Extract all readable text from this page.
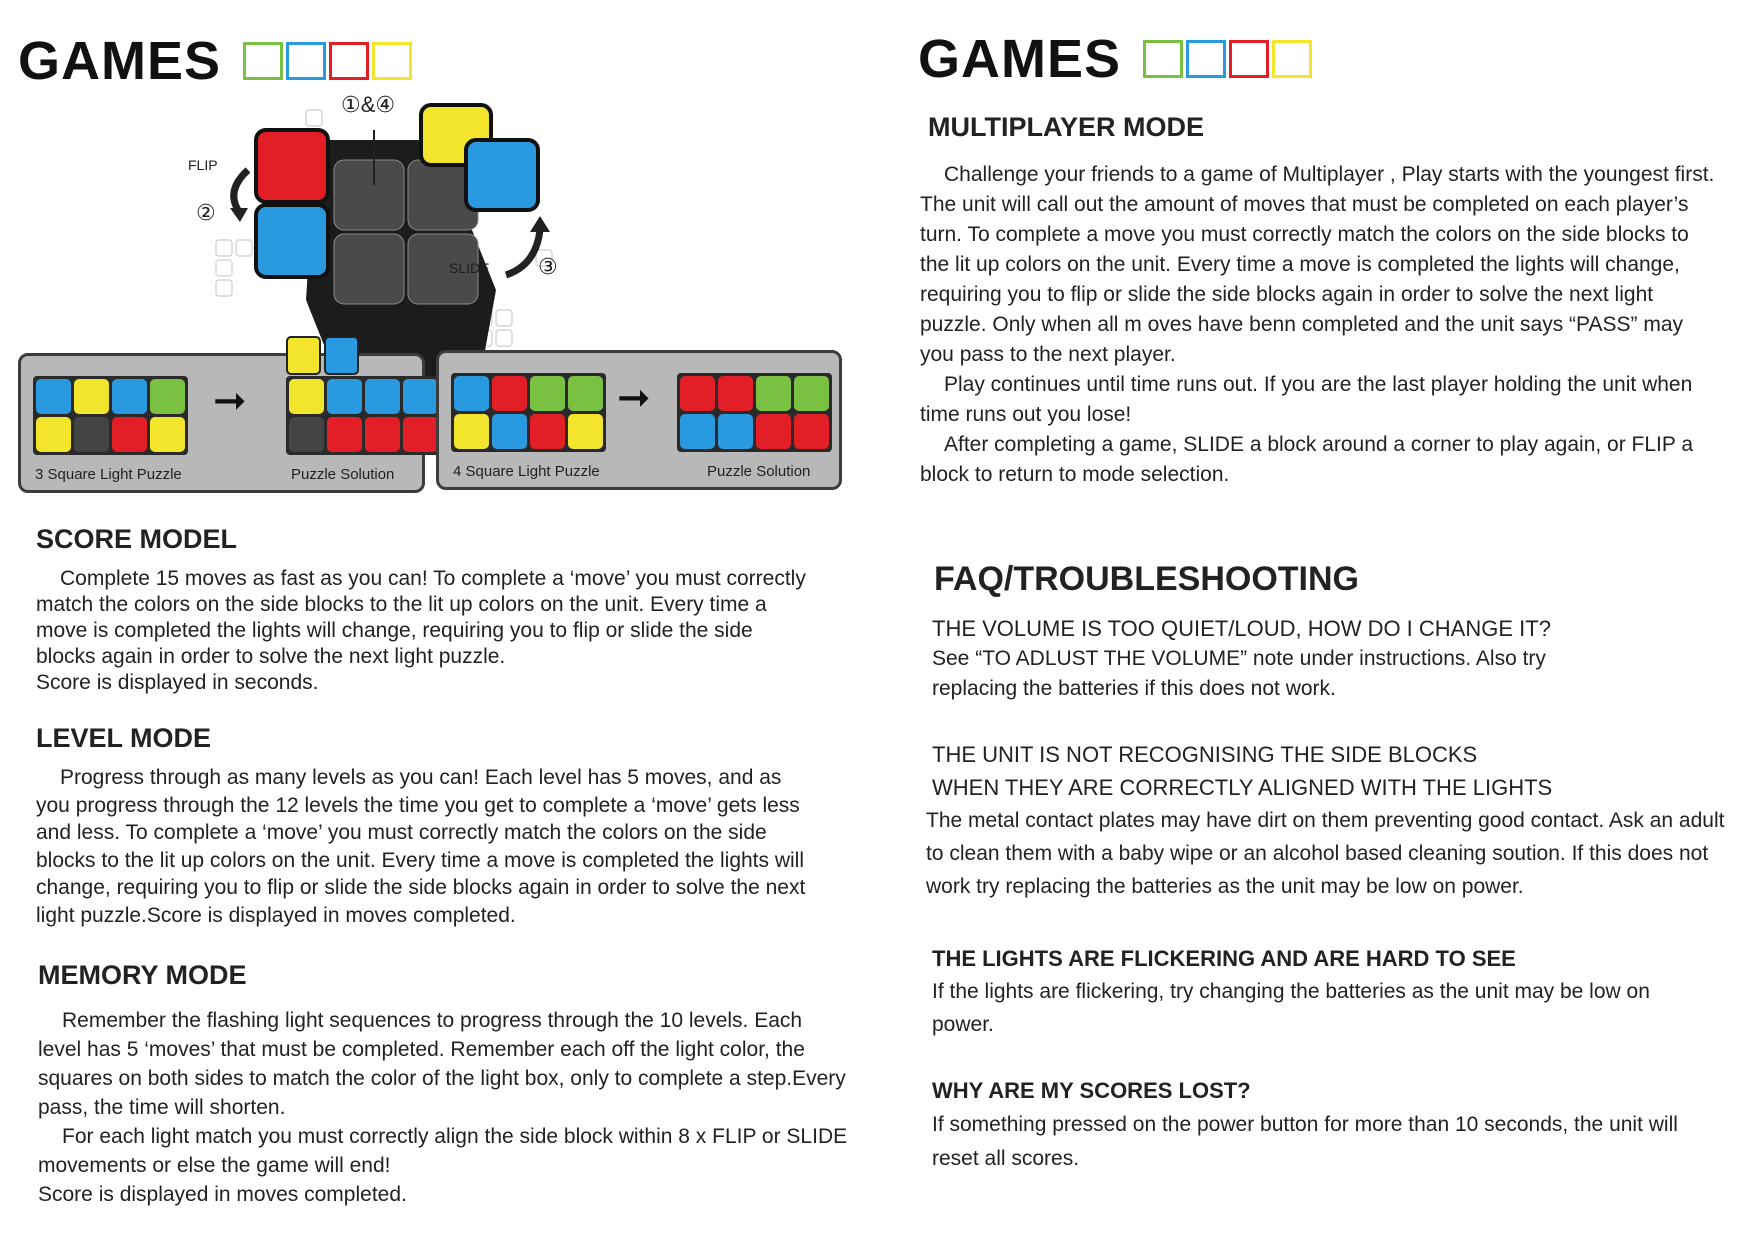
GAMES
①&④
FLIP
②
SLIDE ③
➞
3 Square Light Puzzle	Puzzle Solution
➞
4 Square Light Puzzle	Puzzle Solution
SCORE MODEL

Complete 15 moves as fast as you can! To complete a ‘move’ you must correctly match the colors on the side blocks to the lit up colors on the unit. Every time a move is completed the lights will change, requiring you to flip or slide the side blocks again in order to solve the next light puzzle.

Score is displayed in seconds.

LEVEL MODE

Progress through as many levels as you can! Each level has 5 moves, and as you progress through the 12 levels the time you get to complete a ‘move’ gets less and less. To complete a ‘move’ you must correctly match the colors on the side blocks to the lit up colors on the unit. Every time a move is completed the lights will change, requiring you to flip or slide the side blocks again in order to solve the next light puzzle.Score is displayed in moves completed.

MEMORY MODE

Remember the flashing light sequences to progress through the 10 levels. Each level has 5 ‘moves’ that must be completed. Remember each off the light color, the squares on both sides to match the color of the light box, only to complete a step.Every pass, the time will shorten.

For each light match you must correctly align the side block within 8 x FLIP or SLIDE movements or else the game will end!

Score is displayed in moves completed.

GAMES
MULTIPLAYER MODE

Challenge your friends to a game of Multiplayer , Play starts with the youngest first. The unit will call out the amount of moves that must be completed on each player’s turn. To complete a move you must correctly match the colors on the side blocks to the lit up colors on the unit. Every time a move is completed the lights will change, requiring you to flip or slide the side blocks again in order to solve the next light puzzle. Only when all m oves have benn completed and the unit says “PASS” may you pass to the next player.

Play continues until time runs out. If you are the last player holding the unit when time runs out you lose!

After completing a game, SLIDE a block around a corner to play again, or FLIP a block to return to mode selection.

FAQ/TROUBLESHOOTING

THE VOLUME IS TOO QUIET/LOUD, HOW DO I CHANGE IT?

See “TO ADLUST THE VOLUME” note under instructions. Also try replacing the batteries if this does not work.

THE UNIT IS NOT RECOGNISING THE SIDE BLOCKS

WHEN THEY ARE CORRECTLY ALIGNED WITH THE LIGHTS

The metal contact plates may have dirt on them preventing good contact. Ask an adult to clean them with a baby wipe or an alcohol based cleaning soution. If this does not work try replacing the batteries as the unit may be low on power.

THE LIGHTS ARE FLICKERING AND ARE HARD TO SEE

If the lights are flickering, try changing the batteries as the unit may be low on power.

WHY ARE MY SCORES LOST?

If something pressed on the power button for more than 10 seconds, the unit will reset all scores.
